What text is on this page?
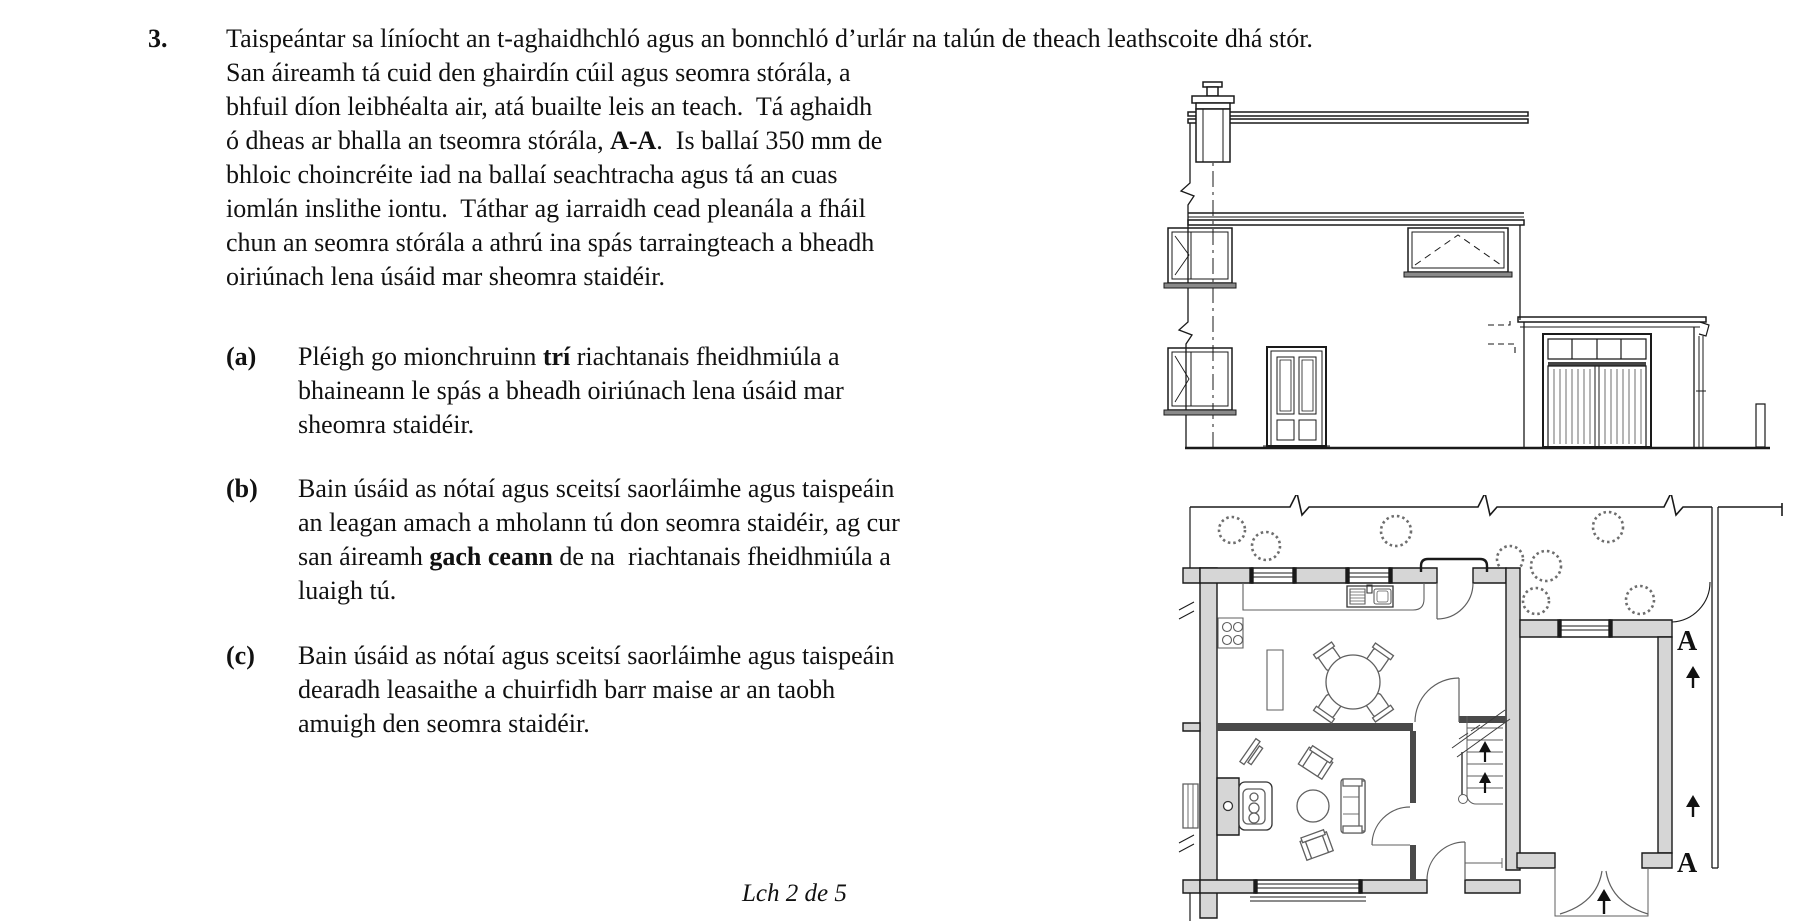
3. Taispeántar sa líníocht an t-aghaidhchló agus an bonnchló d’urlár na talún de theach leathscoite dhá stór.
San áireamh tá cuid den ghairdín cúil agus seomra stórála, a
bhfuil díon leibhéalta air, atá buailte leis an teach.  Tá aghaidh
ó dheas ar bhalla an tseomra stórála, A-A.  Is ballaí 350 mm de
bhloic choincréite iad na ballaí seachtracha agus tá an cuas
iomlán inslithe iontu.  Táthar ag iarraidh cead pleanála a fháil
chun an seomra stórála a athrú ina spás tarraingteach a bheadh
oiriúnach lena úsáid mar sheomra staidéir.
(a) Pléigh go mionchruinn trí riachtanais fheidhmiúla a
bhaineann le spás a bheadh oiriúnach lena úsáid mar
sheomra staidéir.
(b) Bain úsáid as nótaí agus sceitsí saorláimhe agus taispeáin
an leagan amach a mholann tú don seomra staidéir, ag cur
san áireamh gach ceann de na  riachtanais fheidhmiúla a
luaigh tú.
(c) Bain úsáid as nótaí agus sceitsí saorláimhe agus taispeáin
dearadh leasaithe a chuirfidh barr maise ar an taobh
amuigh den seomra staidéir.
Lch 2 de 5
A
A
